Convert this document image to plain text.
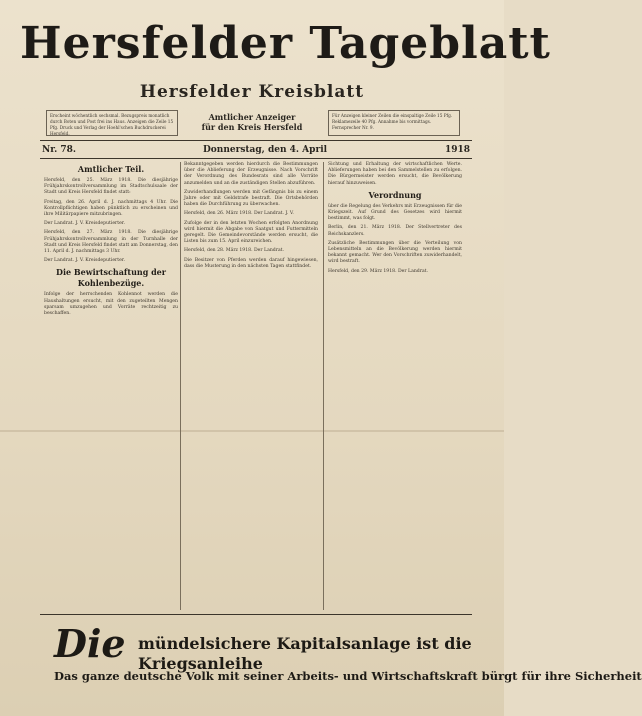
Hersfelder Tageblatt
Hersfelder Kreisblatt
Erscheint wöchentlich sechsmal. Bezugspreis monatlich durch Boten und Post frei ins Haus. Anzeigen die Zeile 15 Pfg. Druck und Verlag der Hoehl'schen Buchdruckerei Hersfeld.
Amtlicher Anzeiger
für den Kreis Hersfeld
Für Anzeigen kleiner Zeilen die einspaltige Zeile 15 Pfg. Reklamezeile 40 Pfg. Annahme bis vormittags. Fernsprecher Nr. 9.
Nr. 78.	Donnerstag, den 4. April	1918
Amtlicher Teil.

Hersfeld, den 25. März 1918. Die diesjährige Frühjahrskontrollversammlung im Stadtschulsaale der Stadt und Kreis Hersfeld findet statt:

Freitag, den 26. April d. J. nachmittags 4 Uhr. Die Kontrollpflichtigen haben pünktlich zu erscheinen und ihre Militärpapiere mitzubringen.

Der Landrat. J. V. Kreisdeputierter.

Hersfeld, den 27. März 1918. Die diesjährige Frühjahrskontrollversammlung in der Turnhalle der Stadt und Kreis Hersfeld findet statt am Donnerstag, den 11. April d. J. nachmittags 3 Uhr.

Der Landrat. J. V. Kreisdeputierter.

Die Bewirtschaftung der Kohlenbezüge.

Infolge der herrschenden Kohlennot werden die Haushaltungen ersucht, mit den zugeteilten Mengen sparsam umzugehen und Vorräte rechtzeitig zu beschaffen.

Bekanntgegeben werden hierdurch die Bestimmungen über die Ablieferung der Erzeugnisse. Nach Vorschrift der Verordnung des Bundesrats sind alle Vorräte anzumelden und an die zuständigen Stellen abzuführen.

Zuwiderhandlungen werden mit Gefängnis bis zu einem Jahre oder mit Geldstrafe bestraft. Die Ortsbehörden haben die Durchführung zu überwachen.

Hersfeld, den 26. März 1918. Der Landrat. J. V.

Zufolge der in den letzten Wochen erfolgten Anordnung wird hiermit die Abgabe von Saatgut und Futtermitteln geregelt. Die Gemeindevorstände werden ersucht, die Listen bis zum 15. April einzureichen.

Hersfeld, den 28. März 1918. Der Landrat.

Die Besitzer von Pferden werden darauf hingewiesen, dass die Musterung in den nächsten Tagen stattfindet.

Sichtung und Erhaltung der wirtschaftlichen Werte. Ablieferungen haben bei den Sammelstellen zu erfolgen. Die Bürgermeister werden ersucht, die Bevölkerung hierauf hinzuweisen.

Verordnung

über die Regelung des Verkehrs mit Erzeugnissen für die Kriegszeit. Auf Grund des Gesetzes wird hiermit bestimmt, was folgt.

Berlin, den 21. März 1918. Der Stellvertreter des Reichskanzlers.

Zusätzliche Bestimmungen über die Verteilung von Lebensmitteln an die Bevölkerung werden hiermit bekannt gemacht. Wer den Vorschriften zuwiderhandelt, wird bestraft.

Hersfeld, den 29. März 1918. Der Landrat.

Die mündelsichere Kapitalsanlage ist die Kriegsanleihe
Das ganze deutsche Volk mit seiner Arbeits- und Wirtschaftskraft bürgt für ihre Sicherheit
